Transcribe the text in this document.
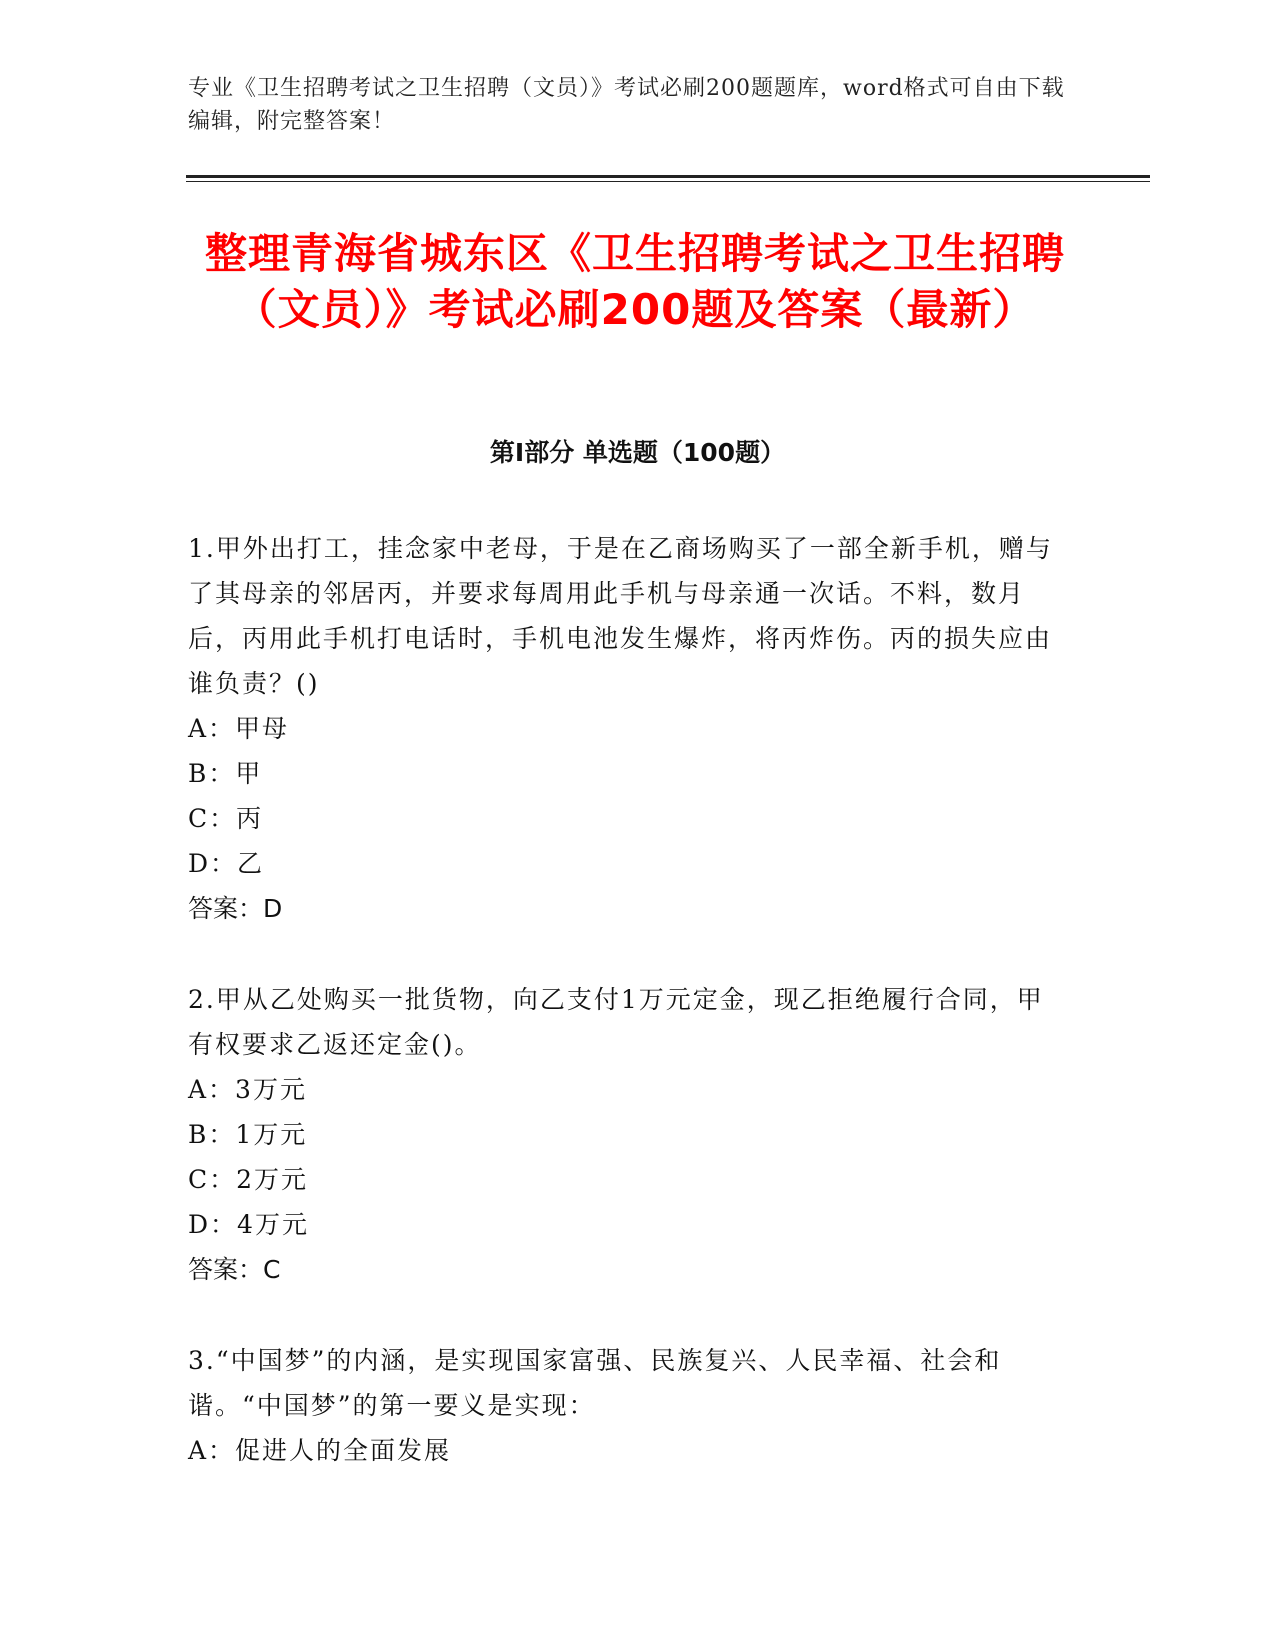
专业《卫生招聘考试之卫生招聘（文员）》考试必刷200题题库，word格式可自由下载编辑，附完整答案！
整理青海省城东区《卫生招聘考试之卫生招聘（文员）》考试必刷200题及答案（最新）
第I部分 单选题（100题）

1.甲外出打工，挂念家中老母，于是在乙商场购买了一部全新手机，赠与了其母亲的邻居丙，并要求每周用此手机与母亲通一次话。不料，数月后，丙用此手机打电话时，手机电池发生爆炸，将丙炸伤。丙的损失应由谁负责？()

A：甲母

B：甲

C：丙

D：乙

答案：D

2.甲从乙处购买一批货物，向乙支付1万元定金，现乙拒绝履行合同，甲有权要求乙返还定金()。

A：3万元

B：1万元

C：2万元

D：4万元

答案：C

3.“中国梦”的内涵，是实现国家富强、民族复兴、人民幸福、社会和谐。“中国梦”的第一要义是实现：

A：促进人的全面发展
